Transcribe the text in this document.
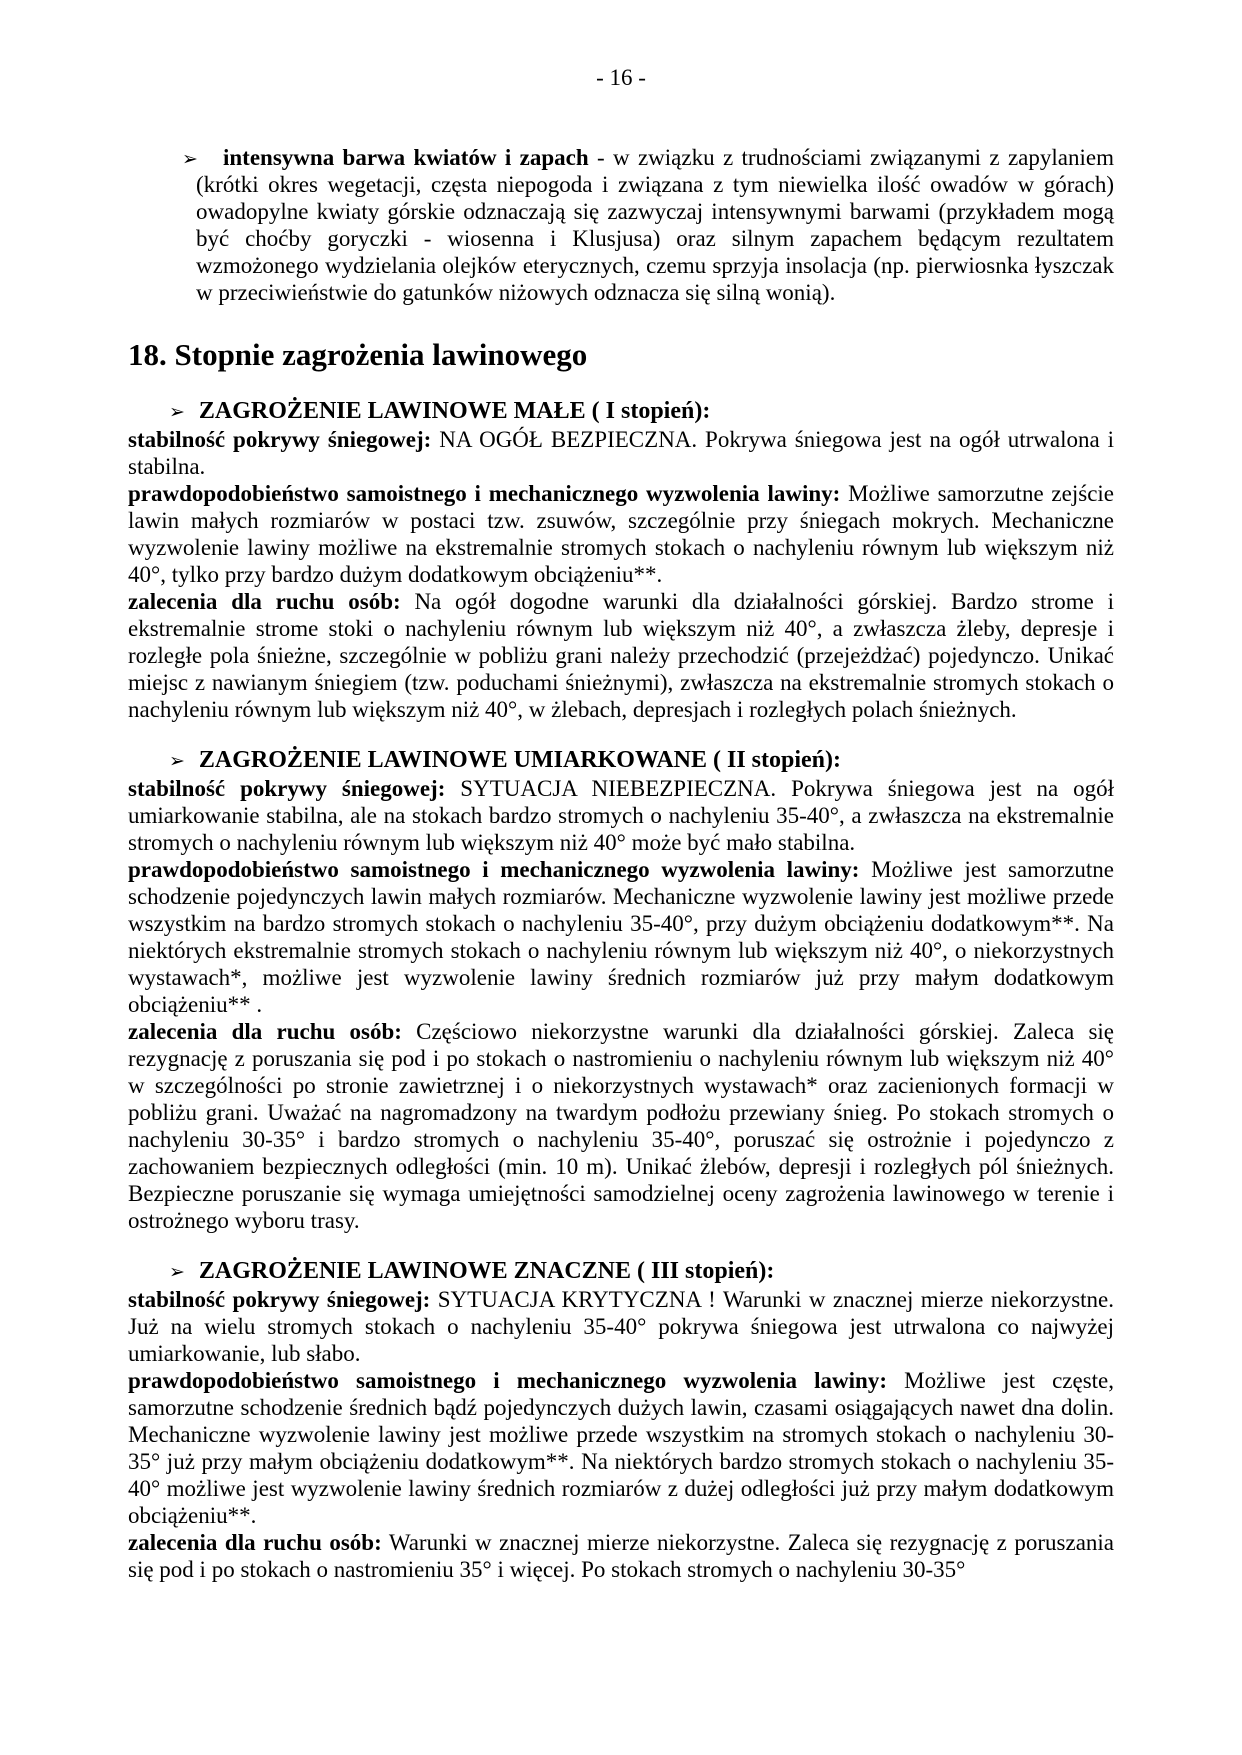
- 16 -

➢ intensywna barwa kwiatów i zapach - w związku z trudnościami związanymi z zapylaniem (krótki okres wegetacji, częsta niepogoda i związana z tym niewielka ilość owadów w górach) owadopylne kwiaty górskie odznaczają się zazwyczaj intensywnymi barwami (przykładem mogą być choćby goryczki - wiosenna i Klusjusa) oraz silnym zapachem będącym rezultatem wzmożonego wydzielania olejków eterycznych, czemu sprzyja insolacja (np. pierwiosnka łyszczak w przeciwieństwie do gatunków niżowych odznacza się silną wonią).

18. Stopnie zagrożenia lawinowego

➢ ZAGROŻENIE LAWINOWE MAŁE ( I stopień):

stabilność pokrywy śniegowej: NA OGÓŁ BEZPIECZNA. Pokrywa śniegowa jest na ogół utrwalona i stabilna.

prawdopodobieństwo samoistnego i mechanicznego wyzwolenia lawiny: Możliwe samorzutne zejście lawin małych rozmiarów w postaci tzw. zsuwów, szczególnie przy śniegach mokrych. Mechaniczne wyzwolenie lawiny możliwe na ekstremalnie stromych stokach o nachyleniu równym lub większym niż 40°, tylko przy bardzo dużym dodatkowym obciążeniu**.

zalecenia dla ruchu osób: Na ogół dogodne warunki dla działalności górskiej. Bardzo strome i ekstremalnie strome stoki o nachyleniu równym lub większym niż 40°, a zwłaszcza żleby, depresje i rozległe pola śnieżne, szczególnie w pobliżu grani należy przechodzić (przejeżdżać) pojedynczo. Unikać miejsc z nawianym śniegiem (tzw. poduchami śnieżnymi), zwłaszcza na ekstremalnie stromych stokach o nachyleniu równym lub większym niż 40°, w żlebach, depresjach i rozległych polach śnieżnych.

➢ ZAGROŻENIE LAWINOWE UMIARKOWANE ( II stopień):

stabilność pokrywy śniegowej: SYTUACJA NIEBEZPIECZNA. Pokrywa śniegowa jest na ogół umiarkowanie stabilna, ale na stokach bardzo stromych o nachyleniu 35-40°, a zwłaszcza na ekstremalnie stromych o nachyleniu równym lub większym niż 40° może być mało stabilna.

prawdopodobieństwo samoistnego i mechanicznego wyzwolenia lawiny: Możliwe jest samorzutne schodzenie pojedynczych lawin małych rozmiarów. Mechaniczne wyzwolenie lawiny jest możliwe przede wszystkim na bardzo stromych stokach o nachyleniu 35-40°, przy dużym obciążeniu dodatkowym**. Na niektórych ekstremalnie stromych stokach o nachyleniu równym lub większym niż 40°, o niekorzystnych wystawach*, możliwe jest wyzwolenie lawiny średnich rozmiarów już przy małym dodatkowym obciążeniu** .

zalecenia dla ruchu osób: Częściowo niekorzystne warunki dla działalności górskiej. Zaleca się rezygnację z poruszania się pod i po stokach o nastromieniu o nachyleniu równym lub większym niż 40° w szczególności po stronie zawietrznej i o niekorzystnych wystawach* oraz zacienionych formacji w pobliżu grani. Uważać na nagromadzony na twardym podłożu przewiany śnieg. Po stokach stromych o nachyleniu 30-35° i bardzo stromych o nachyleniu 35-40°, poruszać się ostrożnie i pojedynczo z zachowaniem bezpiecznych odległości (min. 10 m). Unikać żlebów, depresji i rozległych pól śnieżnych. Bezpieczne poruszanie się wymaga umiejętności samodzielnej oceny zagrożenia lawinowego w terenie i ostrożnego wyboru trasy.

➢ ZAGROŻENIE LAWINOWE ZNACZNE ( III stopień):

stabilność pokrywy śniegowej: SYTUACJA KRYTYCZNA ! Warunki w znacznej mierze niekorzystne. Już na wielu stromych stokach o nachyleniu 35-40° pokrywa śniegowa jest utrwalona co najwyżej umiarkowanie, lub słabo.

prawdopodobieństwo samoistnego i mechanicznego wyzwolenia lawiny: Możliwe jest częste, samorzutne schodzenie średnich bądź pojedynczych dużych lawin, czasami osiągających nawet dna dolin. Mechaniczne wyzwolenie lawiny jest możliwe przede wszystkim na stromych stokach o nachyleniu 30-35° już przy małym obciążeniu dodatkowym**. Na niektórych bardzo stromych stokach o nachyleniu 35-40° możliwe jest wyzwolenie lawiny średnich rozmiarów z dużej odległości już przy małym dodatkowym obciążeniu**.

zalecenia dla ruchu osób: Warunki w znacznej mierze niekorzystne. Zaleca się rezygnację z poruszania się pod i po stokach o nastromieniu 35° i więcej. Po stokach stromych o nachyleniu 30-35°
